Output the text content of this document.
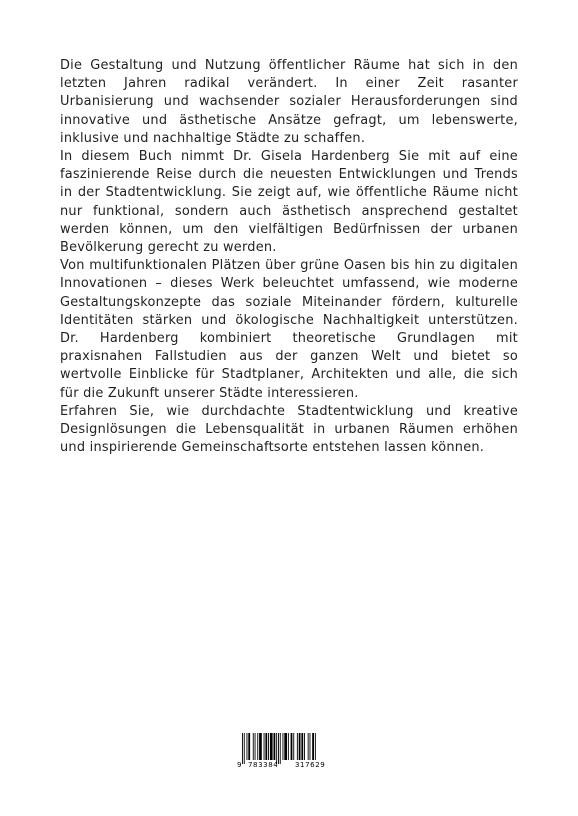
Die Gestaltung und Nutzung öffentlicher Räume hat sich in den letzten Jahren radikal verändert. In einer Zeit rasanter Urbanisierung und wachsender sozialer Herausforderungen sind innovative und ästhetische Ansätze gefragt, um lebenswerte, inklusive und nachhaltige Städte zu schaffen.

In diesem Buch nimmt Dr. Gisela Hardenberg Sie mit auf eine faszinierende Reise durch die neuesten Entwicklungen und Trends in der Stadtentwicklung. Sie zeigt auf, wie öffentliche Räume nicht nur funktional, sondern auch ästhetisch ansprechend gestaltet werden können, um den vielfältigen Bedürfnissen der urbanen Bevölkerung gerecht zu werden.

Von multifunktionalen Plätzen über grüne Oasen bis hin zu digitalen Innovationen – dieses Werk beleuchtet umfassend, wie moderne Gestaltungskonzepte das soziale Miteinander fördern, kulturelle Identitäten stärken und ökologische Nachhaltigkeit unterstützen. Dr. Hardenberg kombiniert theoretische Grundlagen mit praxisnahen Fallstudien aus der ganzen Welt und bietet so wertvolle Einblicke für Stadtplaner, Architekten und alle, die sich für die Zukunft unserer Städte interessieren.

Erfahren Sie, wie durchdachte Stadtentwicklung und kreative Designlösungen die Lebensqualität in urbanen Räumen erhöhen und inspirierende Gemeinschaftsorte entstehen lassen können.

9 783384 317629
